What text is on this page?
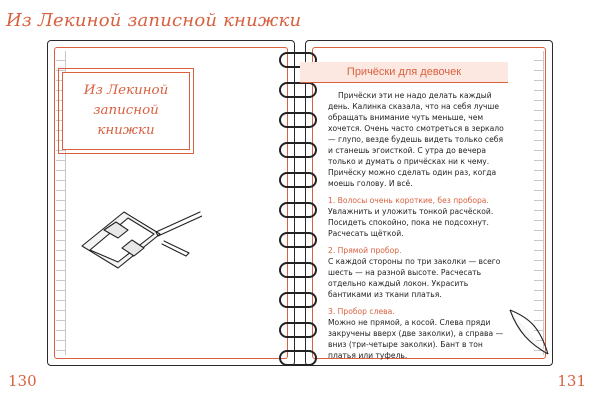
Из Лекиной записной книжки
Из Лекиной
записной книжки
Причёски для девочек

Причёски эти не надо делать каждый день. Калинка сказала, что на себя лучше обращать внимание чуть меньше, чем хочется. Очень часто смотреться в зеркало — глупо, везде будешь видеть только себя и станешь эгоисткой. С утра до вечера только и думать о причёсках ни к чему. Причёску можно сделать один раз, когда моешь голову. И всё.

1. Волосы очень короткие, без пробора.
Увлажнить и уложить тонкой расчёской. Посидеть спокойно, пока не подсохнут. Расчесать щёткой.
2. Прямой пробор.
С каждой стороны по три заколки — всего шесть — на разной высоте. Расчесать отдельно каждый локон. Украсить бантиками из ткани платья.
3. Пробор слева.
Можно не прямой, а косой. Слева пряди закручены вверх (две заколки), а справа — вниз (три-четыре заколки). Бант в тон платья или туфель.
130	131
